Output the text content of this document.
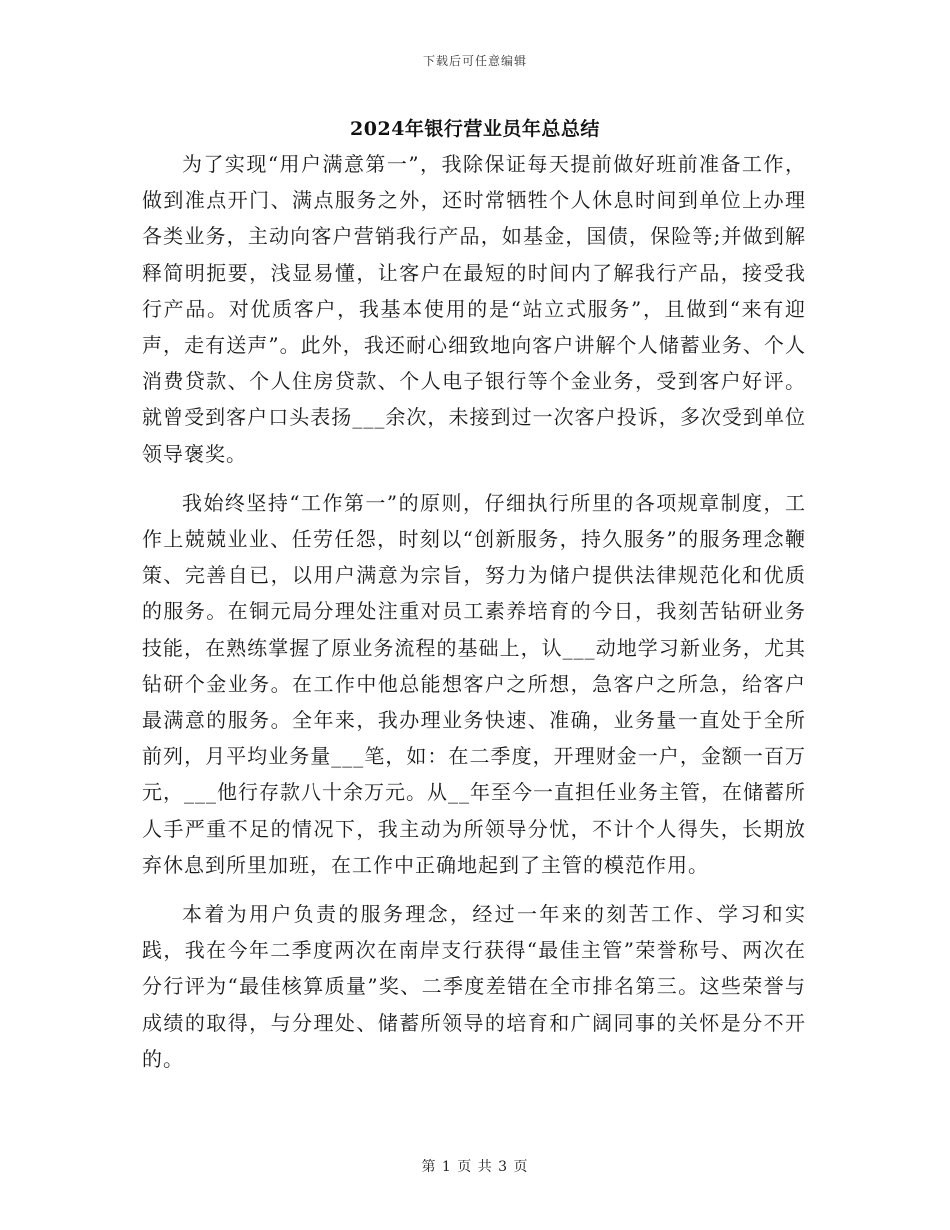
下载后可任意编辑
2024年银行营业员年总总结

为了实现“用户满意第一”，我除保证每天提前做好班前准备工作，做到准点开门、满点服务之外，还时常牺牲个人休息时间到单位上办理各类业务，主动向客户营销我行产品，如基金，国债，保险等;并做到解释简明扼要，浅显易懂，让客户在最短的时间内了解我行产品，接受我行产品。对优质客户，我基本使用的是“站立式服务”，且做到“来有迎声，走有送声”。此外，我还耐心细致地向客户讲解个人储蓄业务、个人消费贷款、个人住房贷款、个人电子银行等个金业务，受到客户好评。就曾受到客户口头表扬___余次，未接到过一次客户投诉，多次受到单位领导褒奖。

我始终坚持“工作第一”的原则，仔细执行所里的各项规章制度，工作上兢兢业业、任劳任怨，时刻以“创新服务，持久服务”的服务理念鞭策、完善自已，以用户满意为宗旨，努力为储户提供法律规范化和优质的服务。在铜元局分理处注重对员工素养培育的今日，我刻苦钻研业务技能，在熟练掌握了原业务流程的基础上，认___动地学习新业务，尤其钻研个金业务。在工作中他总能想客户之所想，急客户之所急，给客户最满意的服务。全年来，我办理业务快速、准确，业务量一直处于全所前列，月平均业务量___笔，如：在二季度，开理财金一户，金额一百万元，___他行存款八十余万元。从__年至今一直担任业务主管，在储蓄所人手严重不足的情况下，我主动为所领导分忧，不计个人得失，长期放弃休息到所里加班，在工作中正确地起到了主管的模范作用。

本着为用户负责的服务理念，经过一年来的刻苦工作、学习和实践，我在今年二季度两次在南岸支行获得“最佳主管”荣誉称号、两次在分行评为“最佳核算质量”奖、二季度差错在全市排名第三。这些荣誉与成绩的取得，与分理处、储蓄所领导的培育和广阔同事的关怀是分不开的。

第 1 页 共 3 页
